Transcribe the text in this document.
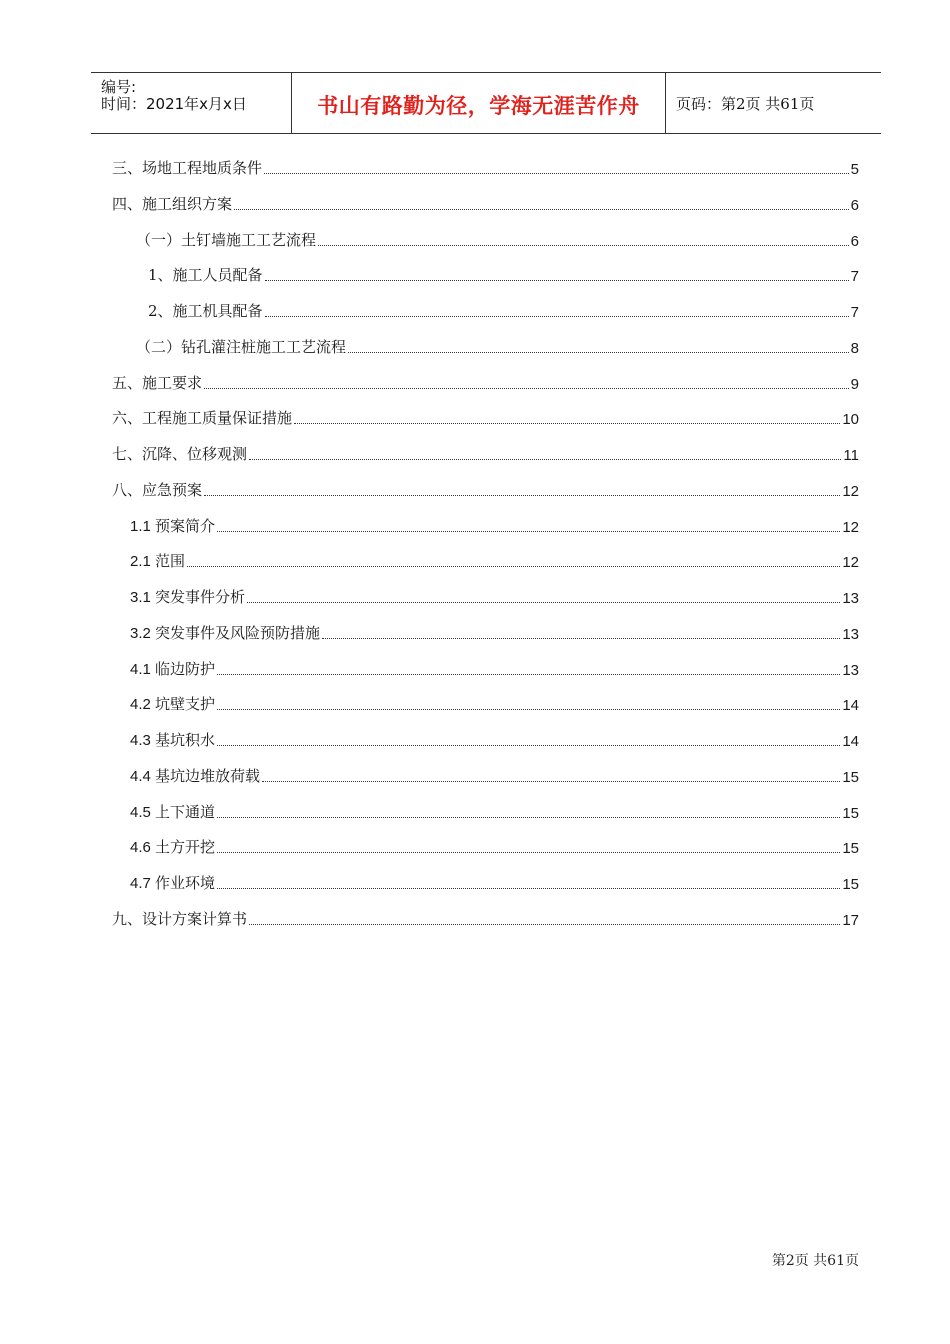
编号:
时间：2021年x月x日	书山有路勤为径，学海无涯苦作舟	页码：第2页 共61页
三、场地工程地质条件	5
四、施工组织方案	6
（一）土钉墙施工工艺流程	6
1、施工人员配备	7
2、施工机具配备	7
（二）钻孔灌注桩施工工艺流程	8
五、施工要求	9
六、工程施工质量保证措施	10
七、沉降、位移观测	11
八、应急预案	12
1.1 预案简介	12
2.1 范围	12
3.1 突发事件分析	13
3.2 突发事件及风险预防措施	13
4.1 临边防护	13
4.2 坑壁支护	14
4.3 基坑积水	14
4.4 基坑边堆放荷载	15
4.5 上下通道	15
4.6 土方开挖	15
4.7 作业环境	15
九、设计方案计算书	17
第2页 共61页
